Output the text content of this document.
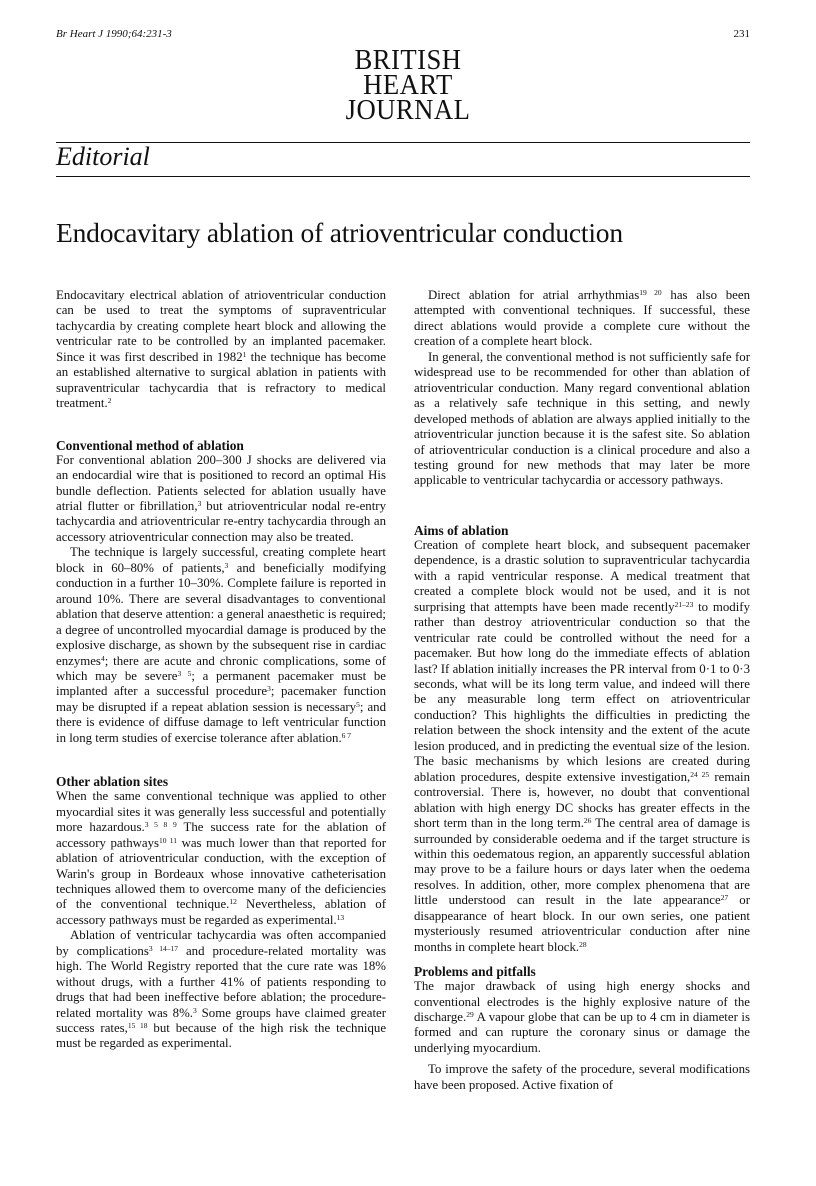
Br Heart J 1990;64:231-3	231
BRITISH
HEART
JOURNAL
Editorial
Endocavitary ablation of atrioventricular conduction

Endocavitary electrical ablation of atrioventricular conduction can be used to treat the symptoms of supraventricular tachycardia by creating complete heart block and allowing the ventricular rate to be controlled by an implanted pacemaker. Since it was first described in 1982$^1$ the technique has become an established alternative to surgical ablation in patients with supraventricular tachycardia that is refractory to medical treatment.$^2$

Conventional method of ablation

For conventional ablation 200–300 J shocks are delivered via an endocardial wire that is positioned to record an optimal His bundle deflection. Patients selected for ablation usually have atrial flutter or fibrillation,$^3$ but atrioventricular nodal re-entry tachycardia and atrioventricular re-entry tachycardia through an accessory atrioventricular connection may also be treated.

The technique is largely successful, creating complete heart block in 60–80% of patients,$^3$ and beneficially modifying conduction in a further 10–30%. Complete failure is reported in around 10%. There are several disadvantages to conventional ablation that deserve attention: a general anaesthetic is required; a degree of uncontrolled myocardial damage is produced by the explosive discharge, as shown by the subsequent rise in cardiac enzymes$^4$; there are acute and chronic complications, some of which may be severe$^{3 5}$; a permanent pacemaker must be implanted after a successful procedure$^3$; pacemaker function may be disrupted if a repeat ablation session is necessary$^5$; and there is evidence of diffuse damage to left ventricular function in long term studies of exercise tolerance after ablation.$^{6 7}$

Other ablation sites

When the same conventional technique was applied to other myocardial sites it was generally less successful and potentially more hazardous.$^{3 5 8 9}$ The success rate for the ablation of accessory pathways$^{10 11}$ was much lower than that reported for ablation of atrioventricular conduction, with the exception of Warin's group in Bordeaux whose innovative catheterisation techniques allowed them to overcome many of the deficiencies of the conventional technique.$^{12}$ Nevertheless, ablation of accessory pathways must be regarded as experimental.$^{13}$

Ablation of ventricular tachycardia was often accompanied by complications$^{3 14-17}$ and procedure-related mortality was high. The World Registry reported that the cure rate was 18% without drugs, with a further 41% of patients responding to drugs that had been ineffective before ablation; the procedure-related mortality was 8%.$^3$ Some groups have claimed greater success rates,$^{15 18}$ but because of the high risk the technique must be regarded as experimental.

Direct ablation for atrial arrhythmias$^{19 20}$ has also been attempted with conventional techniques. If successful, these direct ablations would provide a complete cure without the creation of a complete heart block.

In general, the conventional method is not sufficiently safe for widespread use to be recommended for other than ablation of atrioventricular conduction. Many regard conventional ablation as a relatively safe technique in this setting, and newly developed methods of ablation are always applied initially to the atrioventricular junction because it is the safest site. So ablation of atrioventricular conduction is a clinical procedure and also a testing ground for new methods that may later be more applicable to ventricular tachycardia or accessory pathways.

Aims of ablation

Creation of complete heart block, and subsequent pacemaker dependence, is a drastic solution to supraventricular tachycardia with a rapid ventricular response. A medical treatment that created a complete block would not be used, and it is not surprising that attempts have been made recently$^{21-23}$ to modify rather than destroy atrioventricular conduction so that the ventricular rate could be controlled without the need for a pacemaker. But how long do the immediate effects of ablation last? If ablation initially increases the PR interval from 0·1 to 0·3 seconds, what will be its long term value, and indeed will there be any measurable long term effect on atrioventricular conduction? This highlights the difficulties in predicting the relation between the shock intensity and the extent of the acute lesion produced, and in predicting the eventual size of the lesion. The basic mechanisms by which lesions are created during ablation procedures, despite extensive investigation,$^{24 25}$ remain controversial. There is, however, no doubt that conventional ablation with high energy DC shocks has greater effects in the short term than in the long term.$^{26}$ The central area of damage is surrounded by considerable oedema and if the target structure is within this oedematous region, an apparently successful ablation may prove to be a failure hours or days later when the oedema resolves. In addition, other, more complex phenomena that are little understood can result in the late appearance$^{27}$ or disappearance of heart block. In our own series, one patient mysteriously resumed atrioventricular conduction after nine months in complete heart block.$^{28}$

Problems and pitfalls

The major drawback of using high energy shocks and conventional electrodes is the highly explosive nature of the discharge.$^{29}$ A vapour globe that can be up to 4 cm in diameter is formed and can rupture the coronary sinus or damage the underlying myocardium.

To improve the safety of the procedure, several modifications have been proposed. Active fixation of
